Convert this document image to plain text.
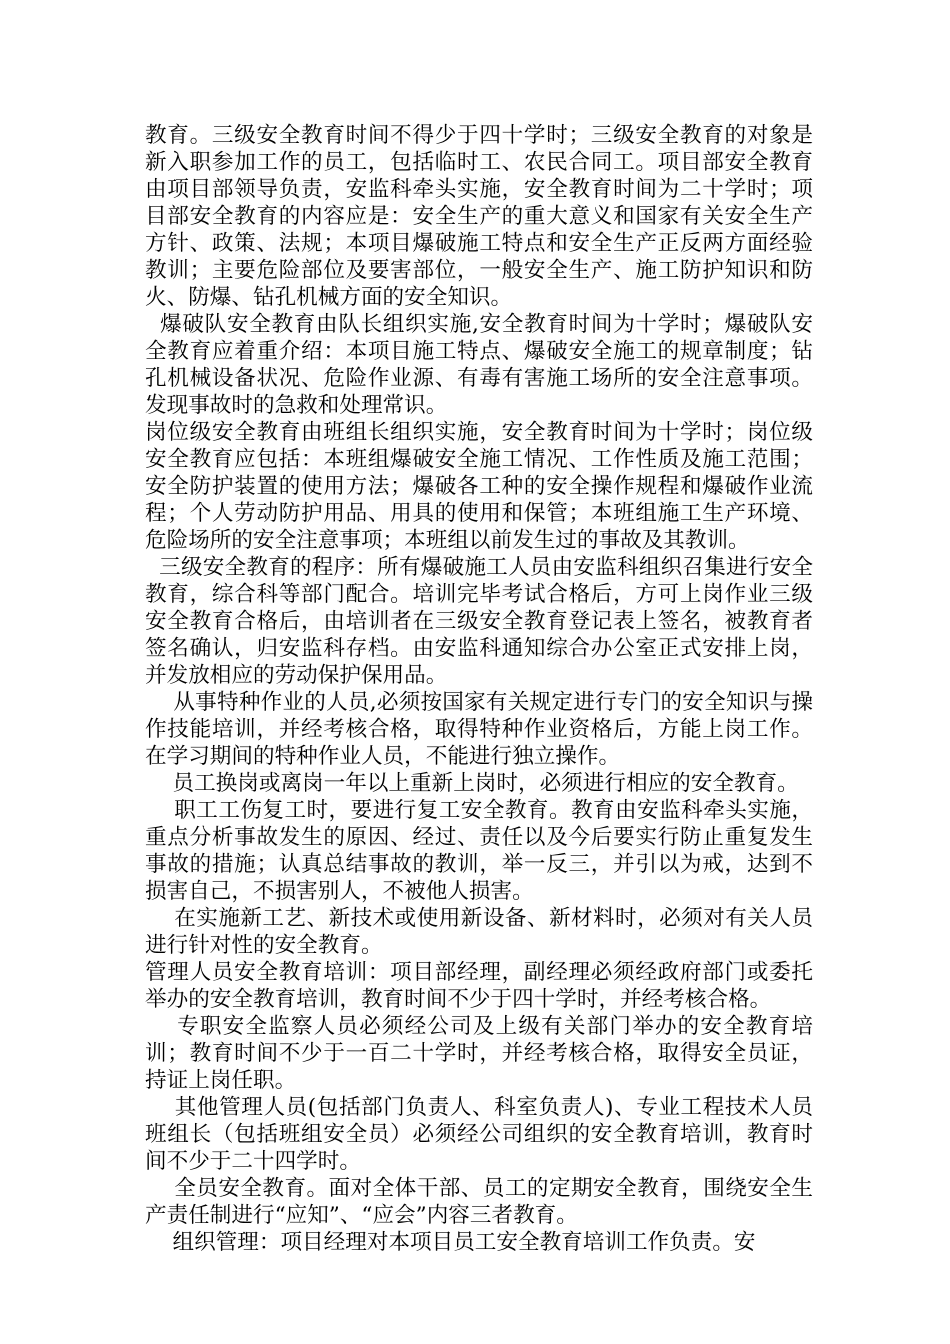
教育。三级安全教育时间不得少于四十学时；三级安全教育的对象是新入职参加工作的员工，包括临时工、农民合同工。项目部安全教育由项目部领导负责，安监科牵头实施，安全教育时间为二十学时；项目部安全教育的内容应是：安全生产的重大意义和国家有关安全生产方针、政策、法规；本项目爆破施工特点和安全生产正反两方面经验教训；主要危险部位及要害部位，一般安全生产、施工防护知识和防火、防爆、钻孔机械方面的安全知识。

爆破队安全教育由队长组织实施,安全教育时间为十学时；爆破队安全教育应着重介绍：本项目施工特点、爆破安全施工的规章制度；钻孔机械设备状况、危险作业源、有毒有害施工场所的安全注意事项。发现事故时的急救和处理常识。

岗位级安全教育由班组长组织实施，安全教育时间为十学时；岗位级安全教育应包括：本班组爆破安全施工情况、工作性质及施工范围；安全防护装置的使用方法；爆破各工种的安全操作规程和爆破作业流程；个人劳动防护用品、用具的使用和保管；本班组施工生产环境、危险场所的安全注意事项；本班组以前发生过的事故及其教训。

三级安全教育的程序：所有爆破施工人员由安监科组织召集进行安全教育，综合科等部门配合。培训完毕考试合格后，方可上岗作业三级安全教育合格后，由培训者在三级安全教育登记表上签名，被教育者签名确认，归安监科存档。由安监科通知综合办公室正式安排上岗，并发放相应的劳动保护保用品。

从事特种作业的人员,必须按国家有关规定进行专门的安全知识与操作技能培训，并经考核合格，取得特种作业资格后，方能上岗工作。在学习期间的特种作业人员，不能进行独立操作。

员工换岗或离岗一年以上重新上岗时，必须进行相应的安全教育。

职工工伤复工时，要进行复工安全教育。教育由安监科牵头实施，重点分析事故发生的原因、经过、责任以及今后要实行防止重复发生事故的措施；认真总结事故的教训，举一反三，并引以为戒，达到不损害自己，不损害别人，不被他人损害。

在实施新工艺、新技术或使用新设备、新材料时，必须对有关人员进行针对性的安全教育。

管理人员安全教育培训：项目部经理，副经理必须经政府部门或委托举办的安全教育培训，教育时间不少于四十学时，并经考核合格。

专职安全监察人员必须经公司及上级有关部门举办的安全教育培训；教育时间不少于一百二十学时，并经考核合格，取得安全员证，持证上岗任职。

其他管理人员(包括部门负责人、科室负责人)、专业工程技术人员班组长（包括班组安全员）必须经公司组织的安全教育培训，教育时间不少于二十四学时。

全员安全教育。面对全体干部、员工的定期安全教育，围绕安全生产责任制进行“应知”、“应会”内容三者教育。

组织管理：项目经理对本项目员工安全教育培训工作负责。安
